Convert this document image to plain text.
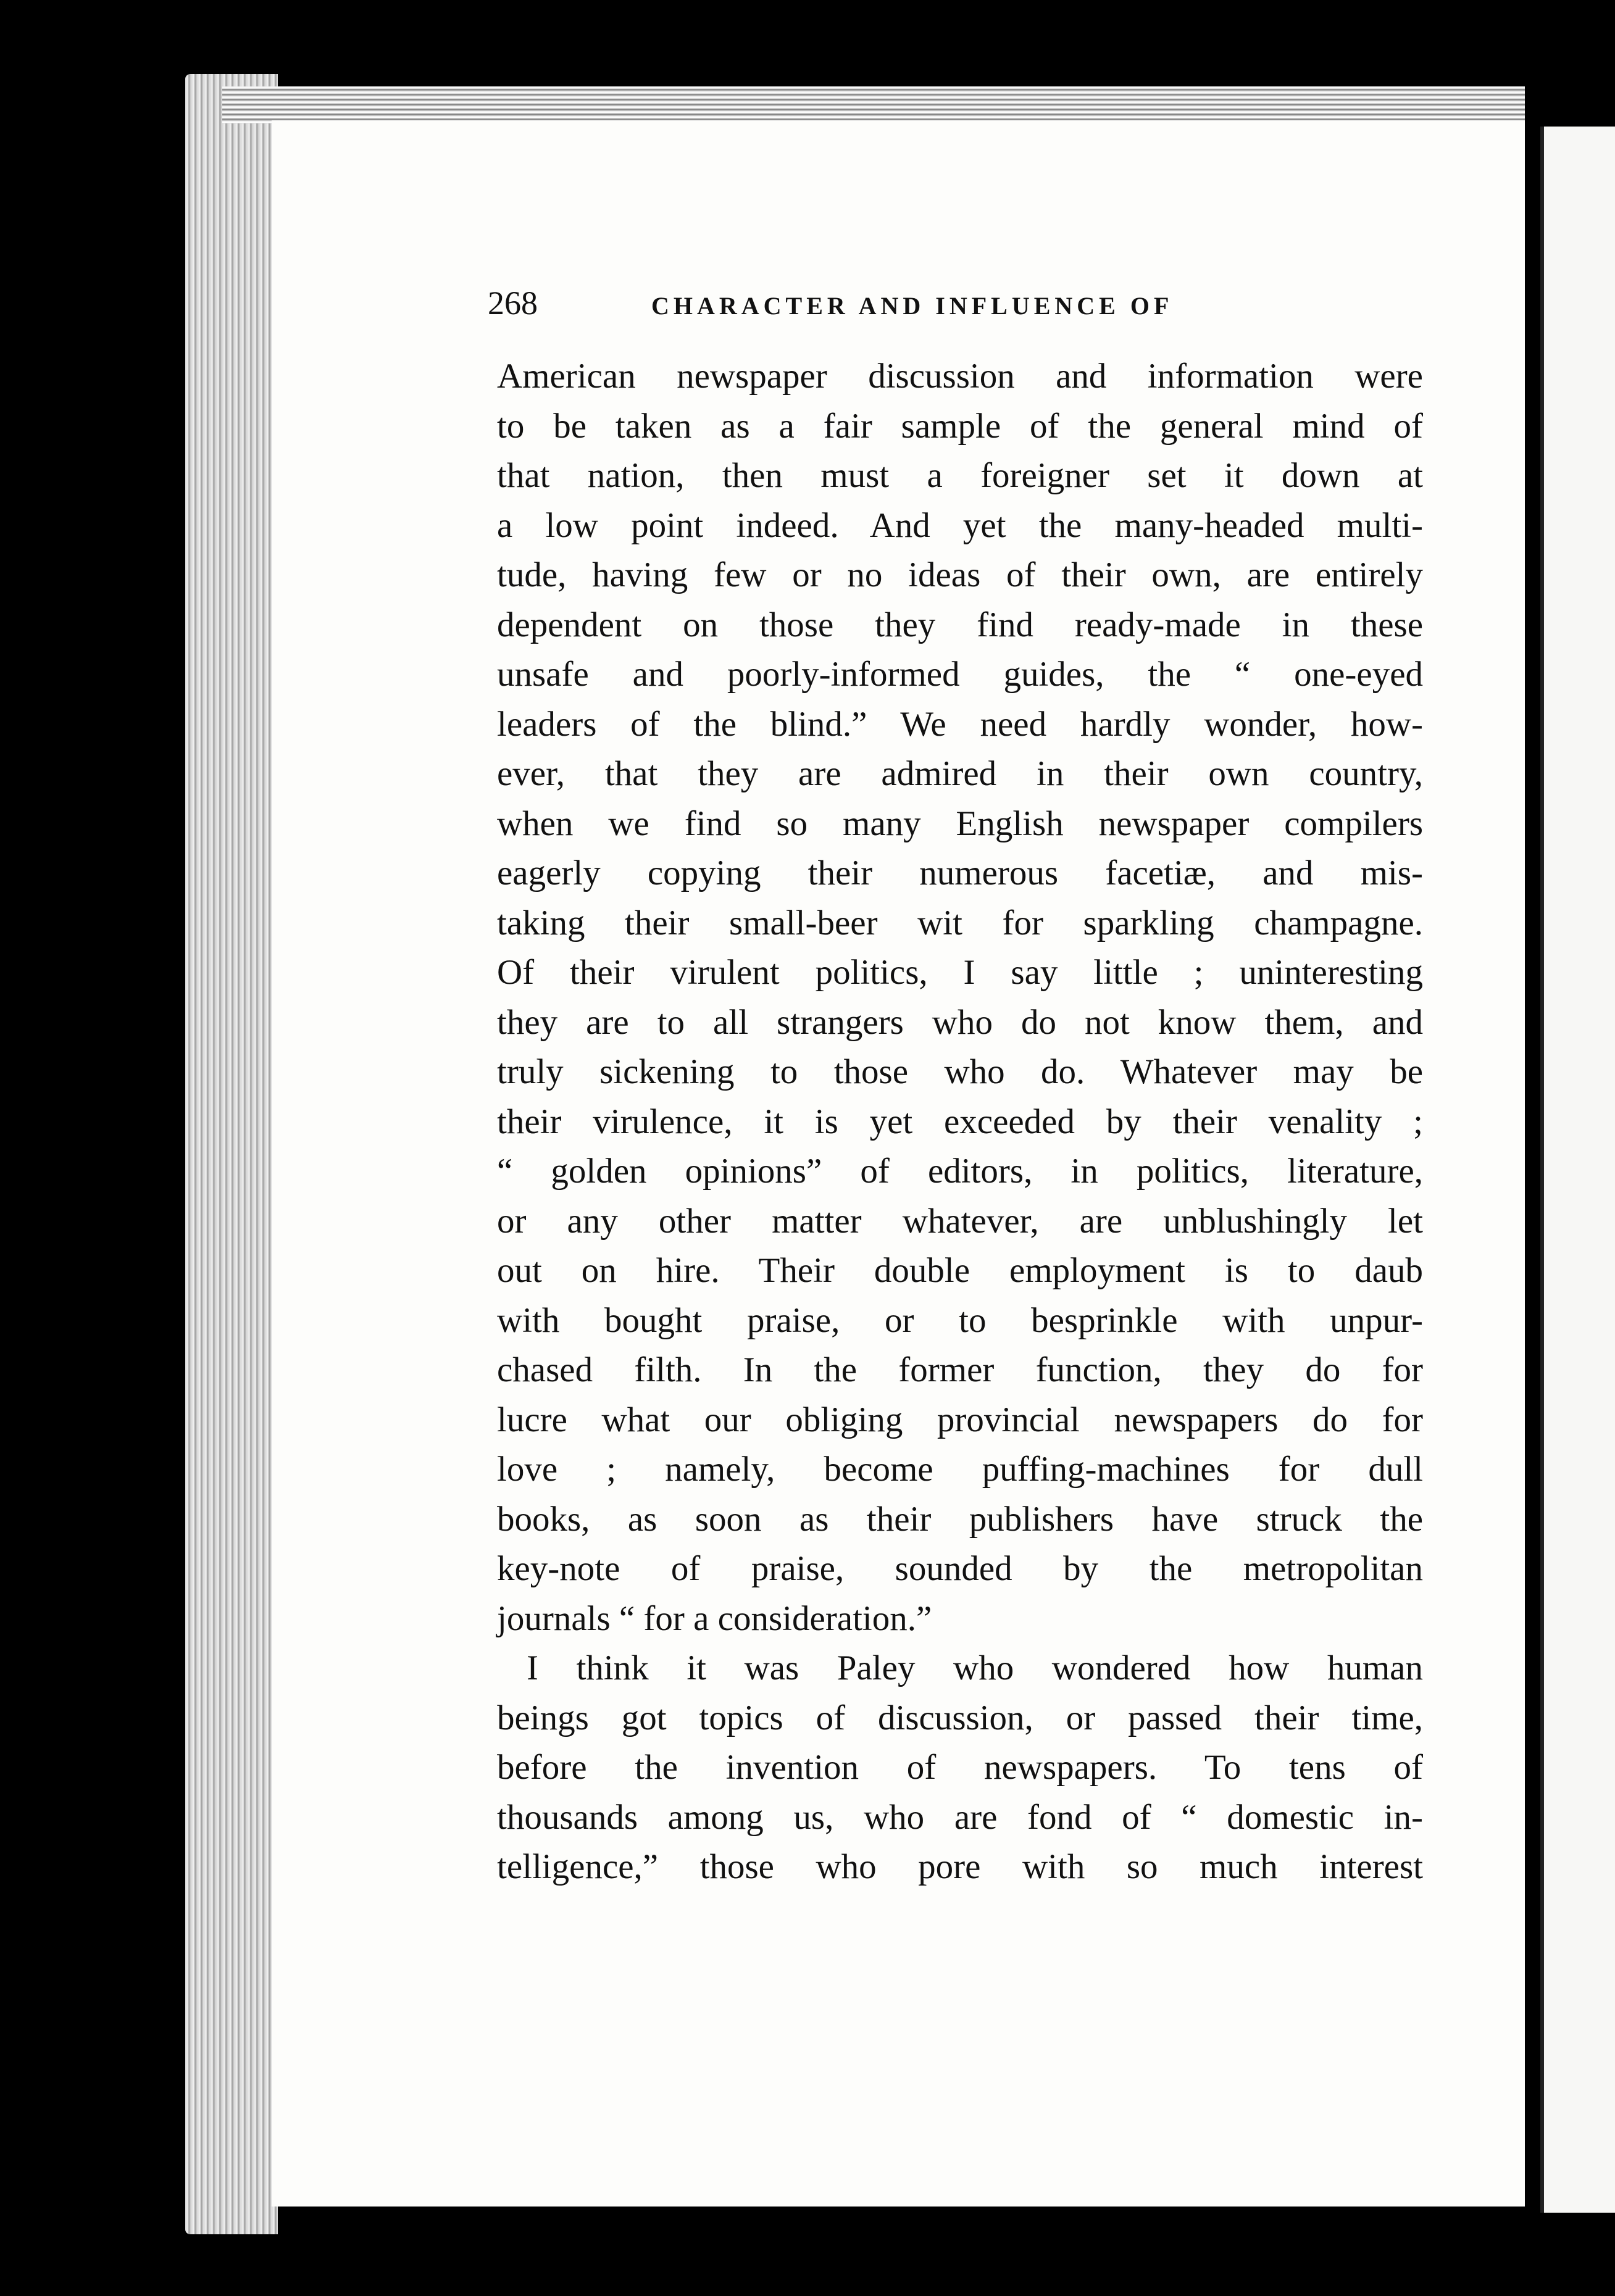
268	CHARACTER AND INFLUENCE OF
American newspaper discussion and information were
to be taken as a fair sample of the general mind of
that nation, then must a foreigner set it down at
a low point indeed. And yet the many-headed multi-
tude, having few or no ideas of their own, are entirely
dependent on those they find ready-made in these
unsafe and poorly-informed guides, the “ one-eyed
leaders of the blind.” We need hardly wonder, how-
ever, that they are admired in their own country,
when we find so many English newspaper compilers
eagerly copying their numerous facetiæ, and mis-
taking their small-beer wit for sparkling champagne.
Of their virulent politics, I say little ; uninteresting
they are to all strangers who do not know them, and
truly sickening to those who do. Whatever may be
their virulence, it is yet exceeded by their venality ;
“ golden opinions” of editors, in politics, literature,
or any other matter whatever, are unblushingly let
out on hire. Their double employment is to daub
with bought praise, or to besprinkle with unpur-
chased filth. In the former function, they do for
lucre what our obliging provincial newspapers do for
love ; namely, become puffing-machines for dull
books, as soon as their publishers have struck the
key-note of praise, sounded by the metropolitan
journals “ for a consideration.”
I think it was Paley who wondered how human
beings got topics of discussion, or passed their time,
before the invention of newspapers. To tens of
thousands among us, who are fond of “ domestic in-
telligence,” those who pore with so much interest
